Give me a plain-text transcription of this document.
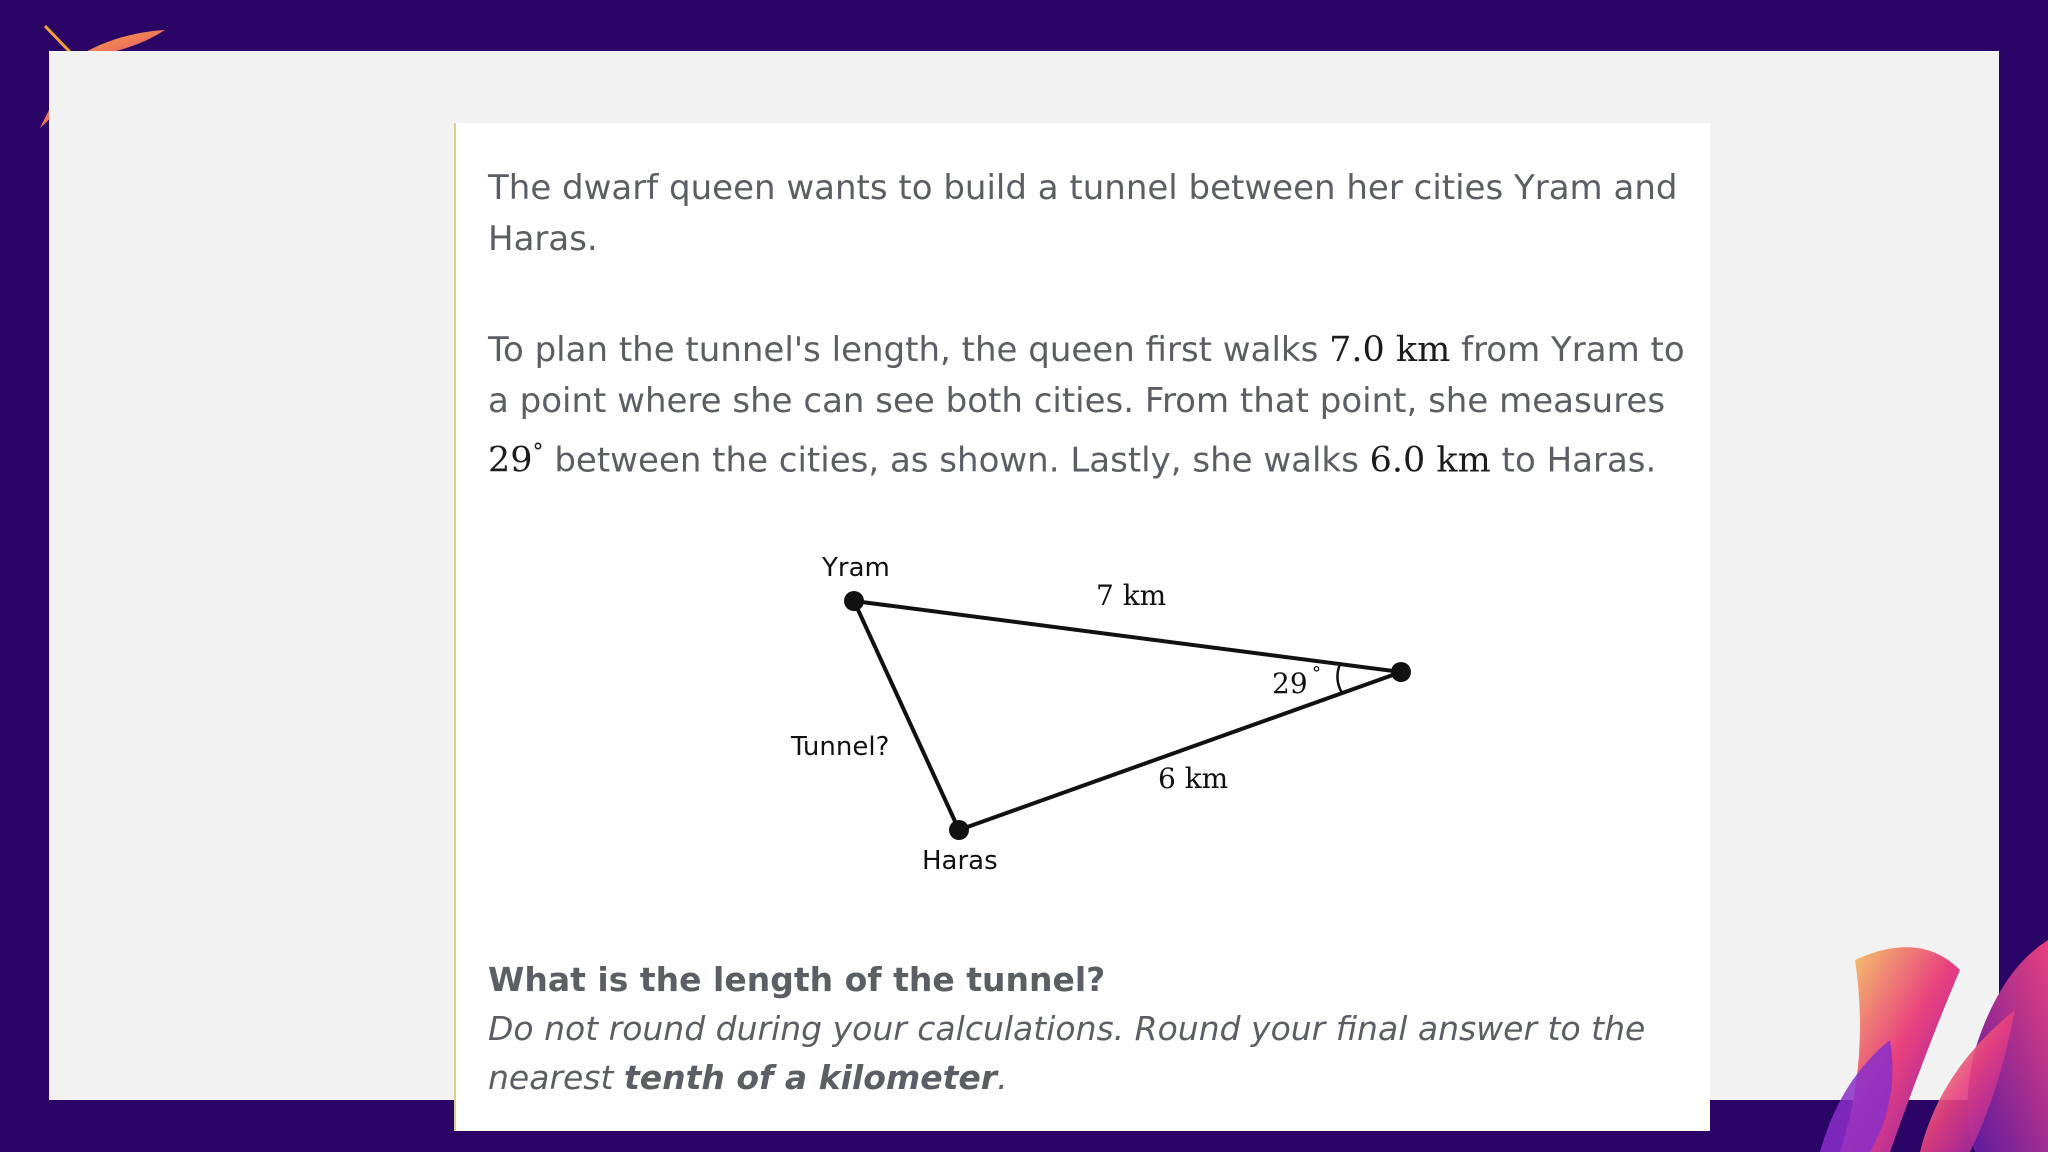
The dwarf queen wants to build a tunnel between her cities Yram and Haras.

To plan the tunnel's length, the queen first walks 7.0 km from Yram to a point where she can see both cities. From that point, she measures 29° between the cities, as shown. Lastly, she walks 6.0 km to Haras.

Yram
Haras
Tunnel?
7 km
6 km
29 °

What is the length of the tunnel?
Do not round during your calculations. Round your final answer to the nearest tenth of a kilometer.
